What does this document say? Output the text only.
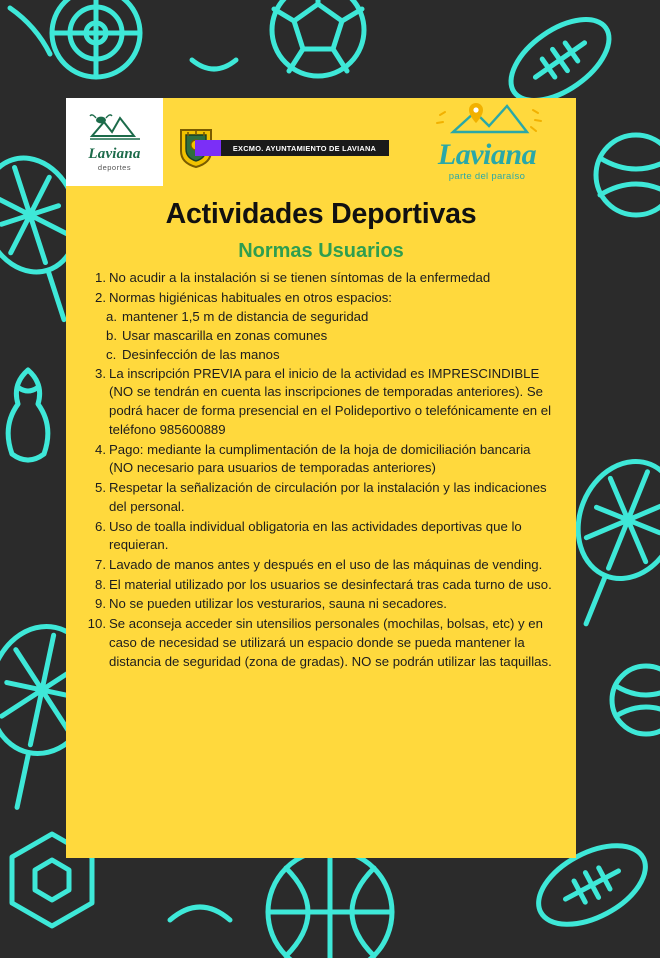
Laviana
deportes
EXCMO. AYUNTAMIENTO DE LAVIANA	Laviana
parte del paraíso
Actividades Deportivas
Normas Usuarios
1. No acudir a la instalación si se tienen síntomas de la enfermedad
2. Normas higiénicas habituales en otros espacios:
a. mantener 1,5 m de distancia de seguridad
b. Usar mascarilla en zonas comunes
c. Desinfección de las manos
3. La inscripción PREVIA para el inicio de la actividad es IMPRESCINDIBLE (NO se tendrán en cuenta las inscripciones de temporadas anteriores). Se podrá hacer de forma presencial en el Polideportivo o telefónicamente en el teléfono 985600889
4. Pago: mediante la cumplimentación de la hoja de domiciliación bancaria (NO necesario para usuarios de temporadas anteriores)
5. Respetar la señalización de circulación por la instalación y las indicaciones del personal.
6. Uso de toalla individual obligatoria en las actividades deportivas que lo requieran.
7. Lavado de manos antes y después en el uso de las máquinas de vending.
8. El material utilizado por los usuarios se desinfectará tras cada turno de uso.
9. No se pueden utilizar los vesturarios, sauna ni secadores.
10. Se aconseja acceder sin utensilios personales (mochilas, bolsas, etc) y en caso de necesidad se utilizará un espacio donde se pueda mantener la distancia de seguridad (zona de gradas). NO se podrán utilizar las taquillas.
